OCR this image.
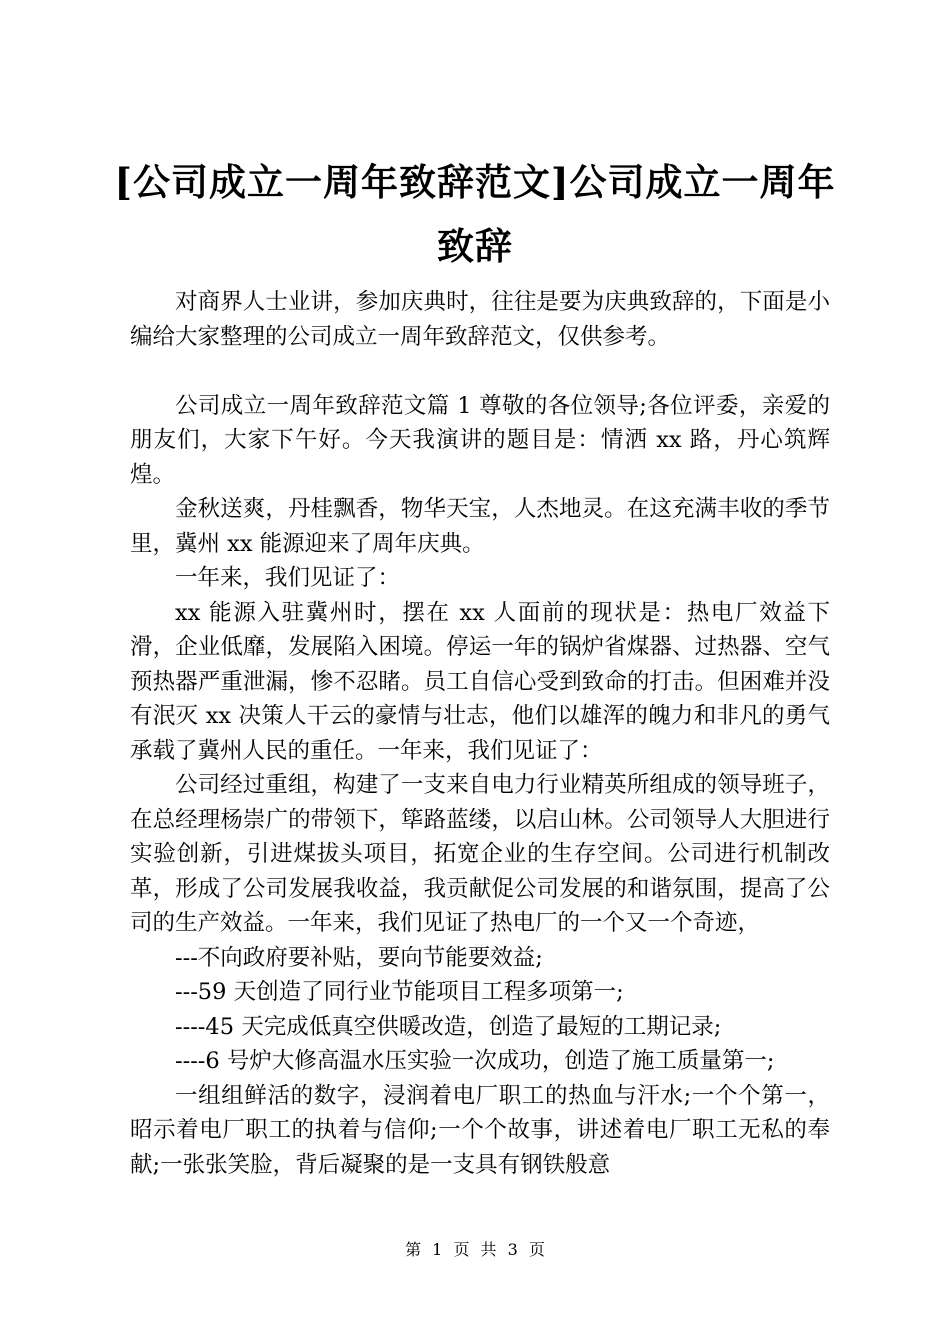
[公司成立一周年致辞范文]公司成立一周年致辞

对商界人士业讲，参加庆典时，往往是要为庆典致辞的，下面是小编给大家整理的公司成立一周年致辞范文，仅供参考。

公司成立一周年致辞范文篇 1 尊敬的各位领导;各位评委，亲爱的朋友们，大家下午好。今天我演讲的题目是：情洒 xx 路，丹心筑辉煌。

金秋送爽，丹桂飘香，物华天宝，人杰地灵。在这充满丰收的季节里，冀州 xx 能源迎来了周年庆典。

一年来，我们见证了：

xx 能源入驻冀州时，摆在 xx 人面前的现状是：热电厂效益下滑，企业低靡，发展陷入困境。停运一年的锅炉省煤器、过热器、空气预热器严重泄漏，惨不忍睹。员工自信心受到致命的打击。但困难并没有泯灭 xx 决策人干云的豪情与壮志，他们以雄浑的魄力和非凡的勇气承载了冀州人民的重任。一年来，我们见证了：

公司经过重组，构建了一支来自电力行业精英所组成的领导班子，在总经理杨崇广的带领下，筚路蓝缕，以启山林。公司领导人大胆进行实验创新，引进煤拔头项目，拓宽企业的生存空间。公司进行机制改革，形成了公司发展我收益，我贡献促公司发展的和谐氛围，提高了公司的生产效益。一年来，我们见证了热电厂的一个又一个奇迹，

---不向政府要补贴，要向节能要效益;

---59 天创造了同行业节能项目工程多项第一;

----45 天完成低真空供暖改造，创造了最短的工期记录;

----6 号炉大修高温水压实验一次成功，创造了施工质量第一;

一组组鲜活的数字，浸润着电厂职工的热血与汗水;一个个第一，昭示着电厂职工的执着与信仰;一个个故事，讲述着电厂职工无私的奉献;一张张笑脸，背后凝聚的是一支具有钢铁般意

第 1 页 共 3 页
